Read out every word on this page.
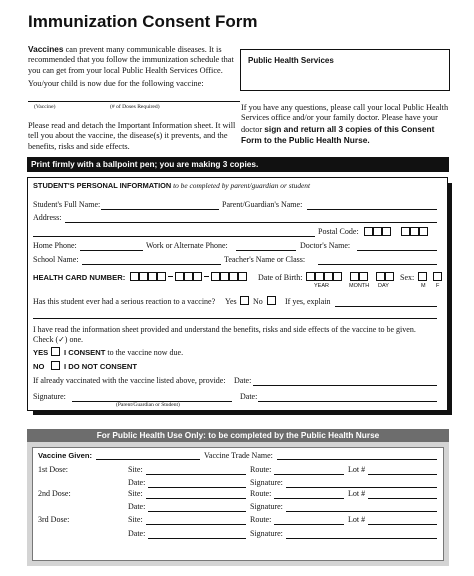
Immunization Consent Form
Vaccines can prevent many communicable diseases. It is recommended that you follow the immunization schedule that you can get from your local Public Health Services Office.
You/your child is now due for the following vaccine:
(Vaccine)	(# of Doses Required)
Please read and detach the Important Information sheet. It will tell you about the vaccine, the disease(s) it prevents, and the benefits, risks and side effects.
Public Health Services
If you have any questions, please call your local Public Health Services office and/or your family doctor. Please have your doctor sign and return all 3 copies of this Consent Form to the Public Health Nurse.
Print firmly with a ballpoint pen; you are making 3 copies.
STUDENT'S PERSONAL INFORMATION to be completed by parent/guardian or student
Student's Full Name:	Parent/Guardian's Name:
Address:
Postal Code:
Home Phone:	Work or Alternate Phone:	Doctor's Name:
School Name:	Teacher's Name or Class:
HEALTH CARD NUMBER:	Date of Birth:
YEAR	MONTH DAY
Sex:
M F
Has this student ever had a serious reaction to a vaccine? Yes No	If yes, explain
I have read the information sheet provided and understand the benefits, risks and side effects of the vaccine to be given. Check (✓) one.
YES I CONSENT to the vaccine now due.
NO	I DO NOT CONSENT
If already vaccinated with the vaccine listed above, provide: Date:
Signature:
(Parent/Guardian or Student)
Date:
For Public Health Use Only: to be completed by the Public Health Nurse
Vaccine Given:	Vaccine Trade Name:
1st Dose:	Site:	Route:	Lot #
Date:	Signature:
2nd Dose:	Site:	Route:	Lot #
Date:	Signature:
3rd Dose:	Site:	Route:	Lot #
Date:	Signature:
